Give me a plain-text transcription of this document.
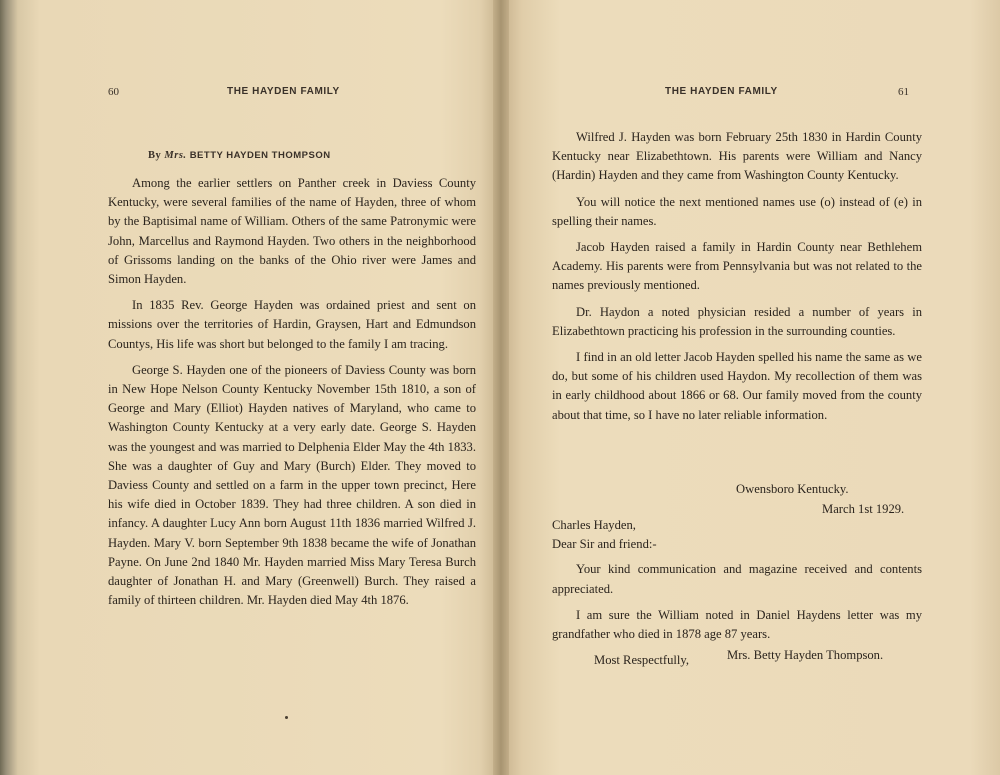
60	THE HAYDEN FAMILY
By Mrs. BETTY HAYDEN THOMPSON

Among the earlier settlers on Panther creek in Daviess County Kentucky, were several families of the name of Hayden, three of whom by the Baptisimal name of William. Others of the same Patronymic were John, Marcellus and Raymond Hayden. Two others in the neighborhood of Grissoms landing on the banks of the Ohio river were James and Simon Hayden.

In 1835 Rev. George Hayden was ordained priest and sent on missions over the territories of Hardin, Graysen, Hart and Edmundson Countys, His life was short but belonged to the family I am tracing.

George S. Hayden one of the pioneers of Daviess County was born in New Hope Nelson County Kentucky November 15th 1810, a son of George and Mary (Elliot) Hayden natives of Maryland, who came to Washington County Kentucky at a very early date. George S. Hayden was the youngest and was married to Delphenia Elder May the 4th 1833. She was a daughter of Guy and Mary (Burch) Elder. They moved to Daviess County and settled on a farm in the upper town precinct, Here his wife died in October 1839. They had three children. A son died in infancy. A daughter Lucy Ann born August 11th 1836 married Wilfred J. Hayden. Mary V. born September 9th 1838 became the wife of Jonathan Payne. On June 2nd 1840 Mr. Hayden married Miss Mary Teresa Burch daughter of Jonathan H. and Mary (Greenwell) Burch. They raised a family of thirteen children. Mr. Hayden died May 4th 1876.

THE HAYDEN FAMILY	61

Wilfred J. Hayden was born February 25th 1830 in Hardin County Kentucky near Elizabethtown. His parents were William and Nancy (Hardin) Hayden and they came from Washington County Kentucky.

You will notice the next mentioned names use (o) instead of (e) in spelling their names.

Jacob Hayden raised a family in Hardin County near Bethlehem Academy. His parents were from Pennsylvania but was not related to the names previously mentioned.

Dr. Haydon a noted physician resided a number of years in Elizabethtown practicing his profession in the surrounding counties.

I find in an old letter Jacob Hayden spelled his name the same as we do, but some of his children used Haydon. My recollection of them was in early childhood about 1866 or 68. Our family moved from the county about that time, so I have no later reliable information.

Owensboro Kentucky.
March 1st 1929.

Charles Hayden,

Dear Sir and friend:-

Your kind communication and magazine received and contents appreciated.

I am sure the William noted in Daniel Haydens letter was my grandfather who died in 1878 age 87 years.

Most Respectfully,	Mrs. Betty Hayden Thompson.
